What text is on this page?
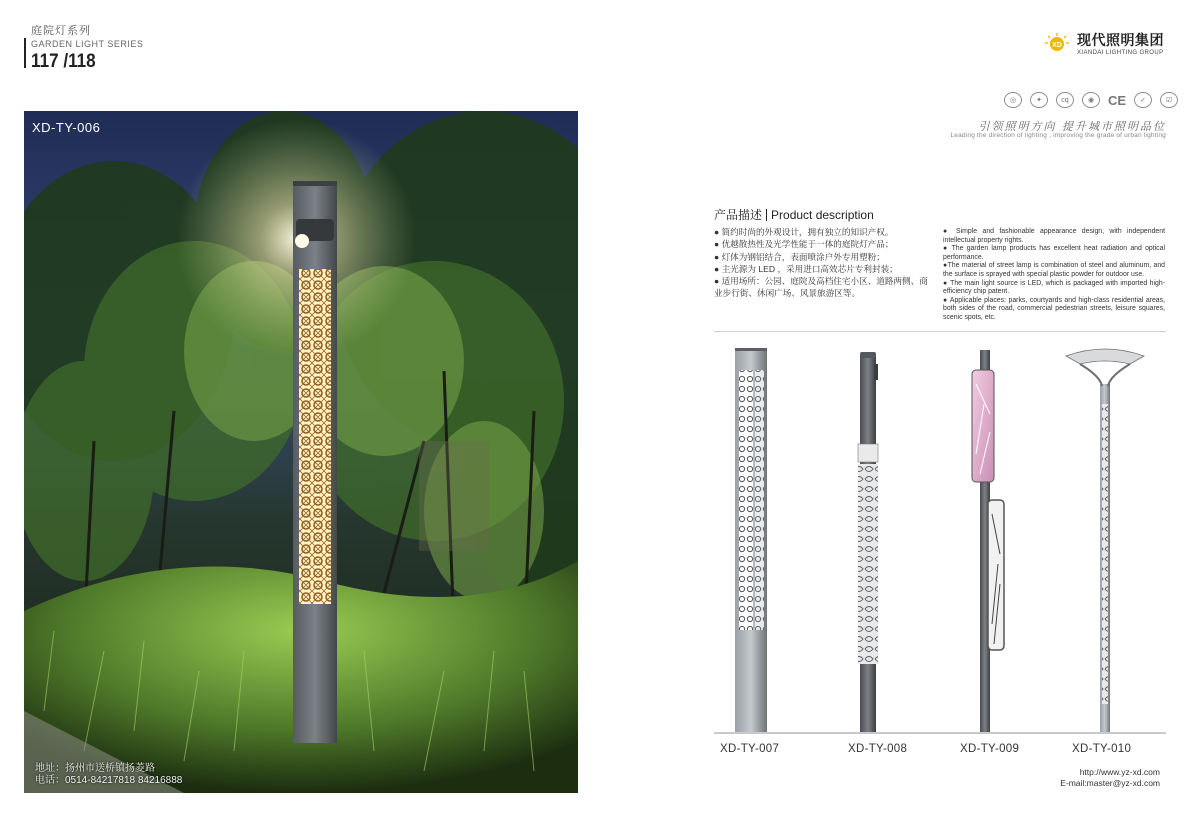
庭院灯系列
GARDEN LIGHT SERIES
117 /118
XD-TY-006
地址：扬州市送桥镇扬菱路
电话：0514-84217818 84216888
XD 现代照明集团
XIANDAI LIGHTING GROUP
◎	✦	cq	◉	CE	✓	☑
引领照明方向 提升城市照明品位
Leading the direction of lighting , improving the grade of urban lighting
产品描述 Product description
● 简约时尚的外观设计，拥有独立的知识产权。
● 优越散热性及光学性能于一体的庭院灯产品；
● 灯体为钢铝结合，表面喷涂户外专用塑粉；
● 主光源为 LED ，采用进口高效芯片专利封装；
● 适用场所：公园、庭院及高档住宅小区、道路两侧、商业步行街、休闲广场、风景旅游区等。
● Simple and fashionable appearance design, with independent intellectual property rights.
● The garden lamp products has excellent heat radiation and optical performance.
●The material of street lamp is combination of steel and aluminum, and the surface is sprayed with special plastic powder for outdoor use.
● The main light source is LED, which is packaged with imported high-efficiency chip patent.
● Applicable places: parks, courtyards and high-class residential areas, both sides of the road, commercial pedestrian streets, leisure squares, scenic spots, etc.
XD-TY-007	XD-TY-008	XD-TY-009	XD-TY-010
http://www.yz-xd.com
E-mail:master@yz-xd.com
